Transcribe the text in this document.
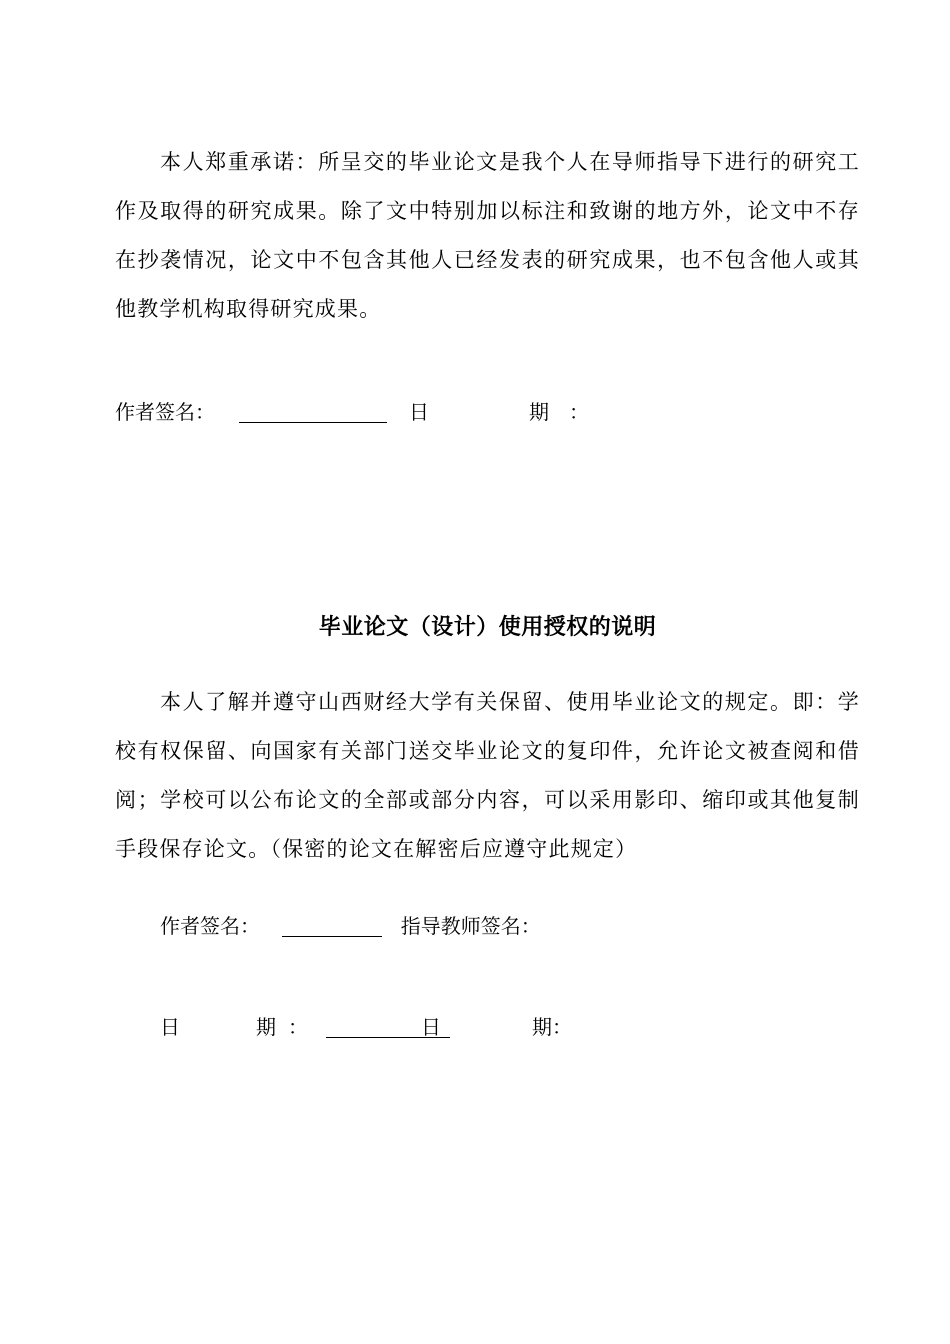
本人郑重承诺：所呈交的毕业论文是我个人在导师指导下进行的研究工作及取得的研究成果。除了文中特别加以标注和致谢的地方外，论文中不存在抄袭情况，论文中不包含其他人已经发表的研究成果，也不包含他人或其他教学机构取得研究成果。

作者签名：	日　　期：
毕业论文（设计）使用授权的说明

本人了解并遵守山西财经大学有关保留、使用毕业论文的规定。即：学校有权保留、向国家有关部门送交毕业论文的复印件，允许论文被查阅和借阅；学校可以公布论文的全部或部分内容，可以采用影印、缩印或其他复制手段保存论文。（保密的论文在解密后应遵守此规定）

作者签名：	指导教师签名：
日　　期：	日	期：
